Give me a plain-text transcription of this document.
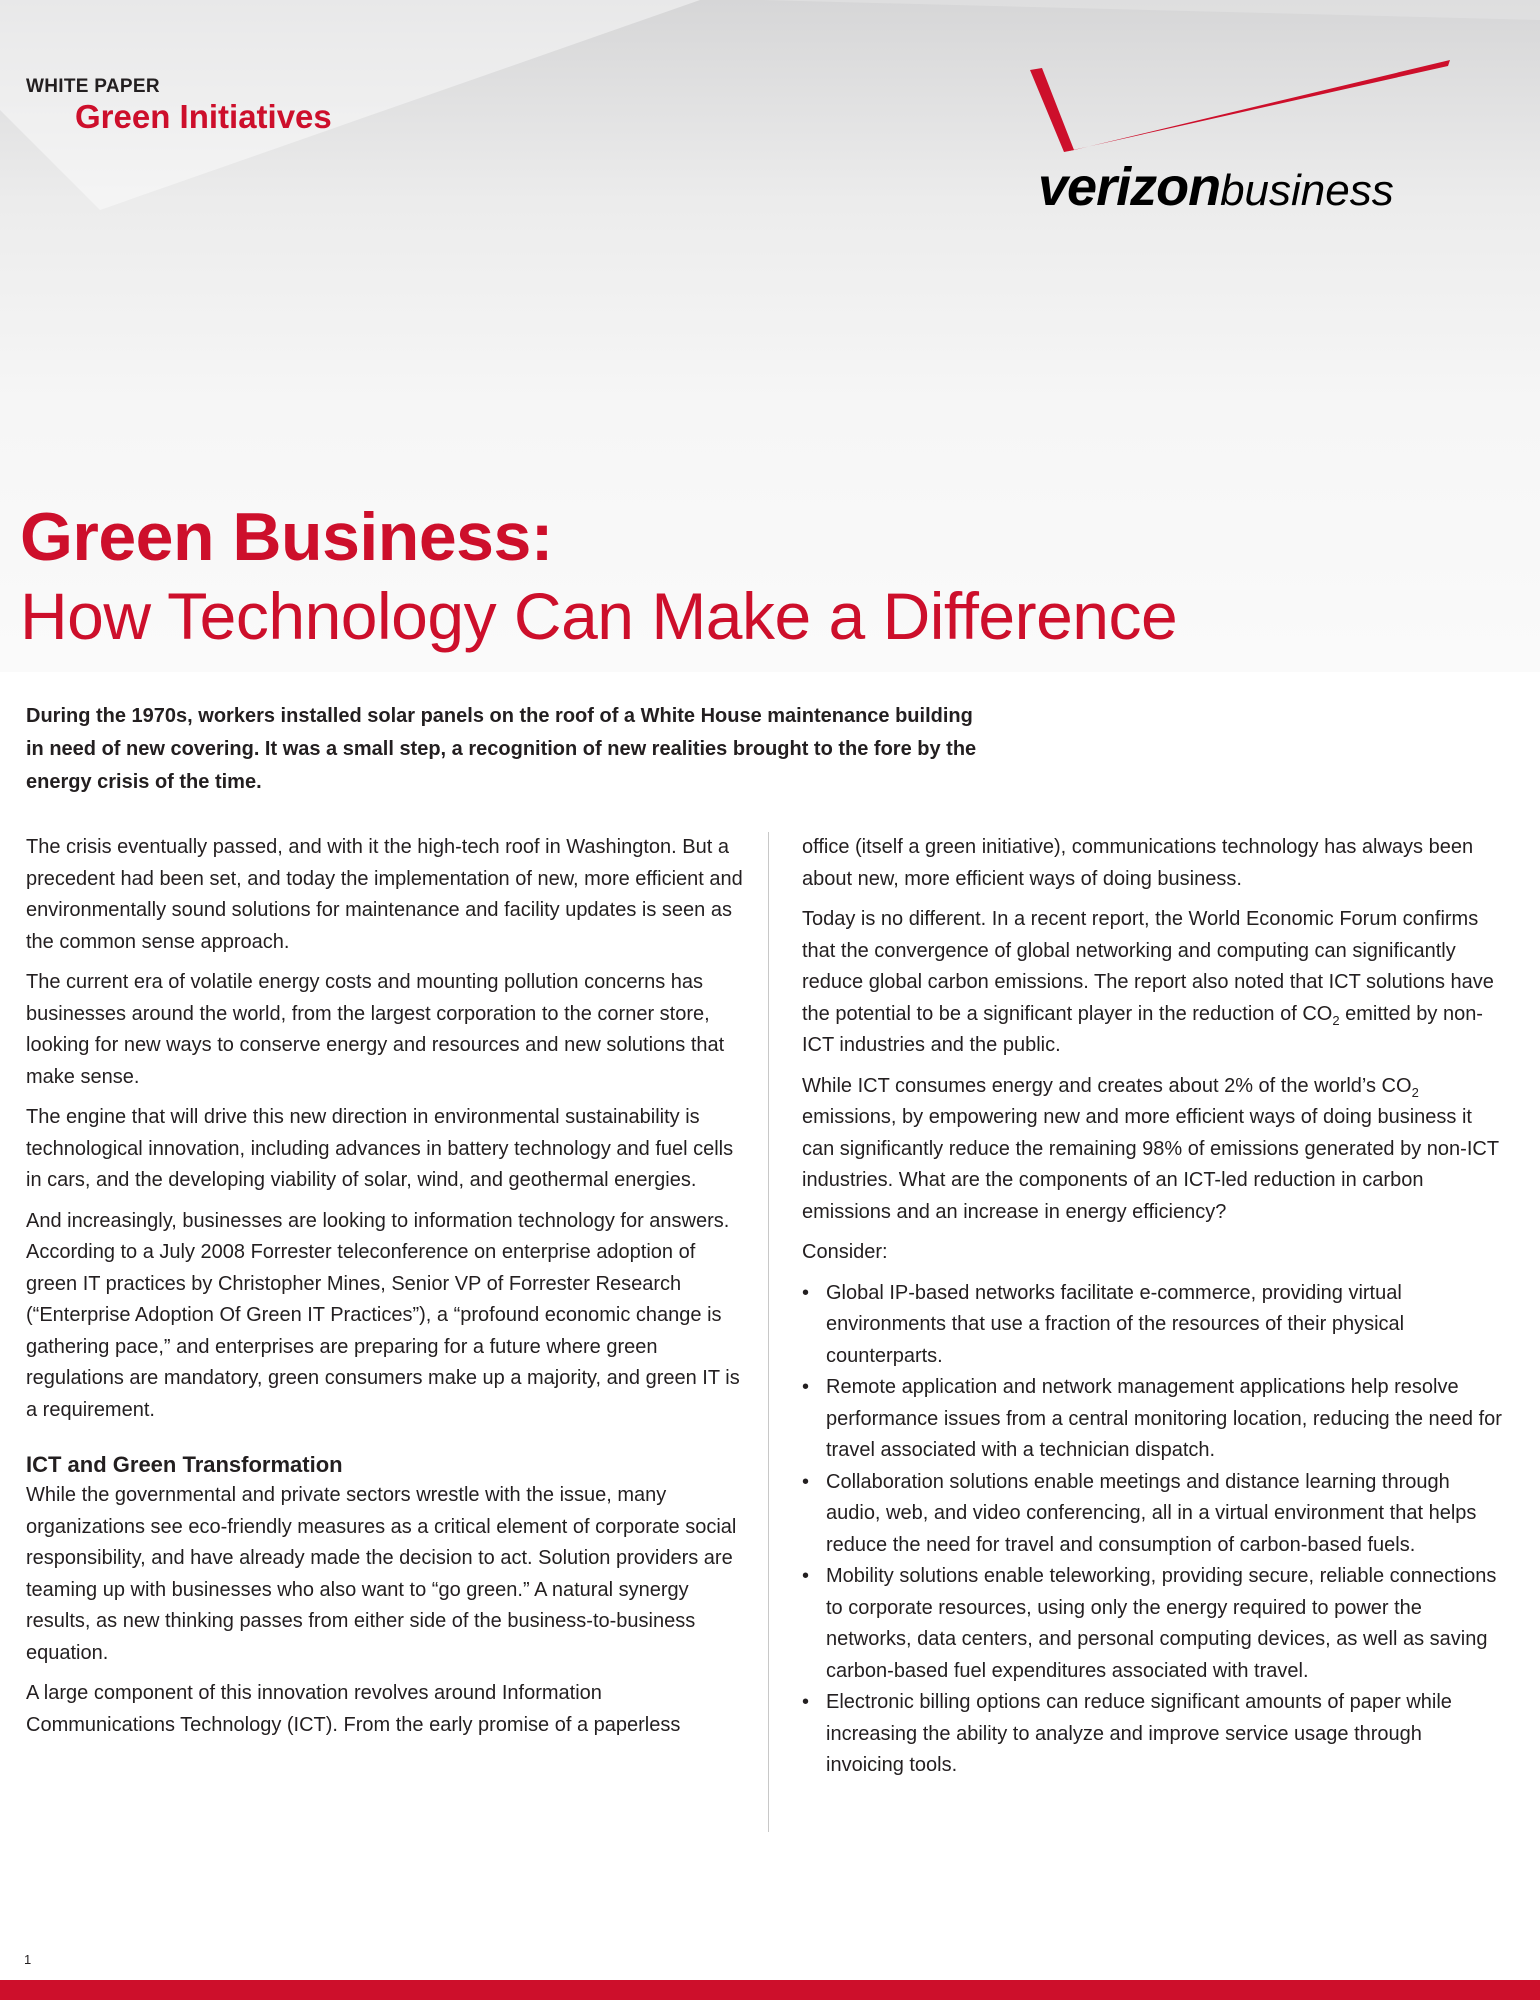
WHITE PAPER
Green Initiatives
verizonbusiness
Green Business:
How Technology Can Make a Difference
During the 1970s, workers installed solar panels on the roof of a White House maintenance building in need of new covering. It was a small step, a recognition of new realities brought to the fore by the energy crisis of the time.

The crisis eventually passed, and with it the high-tech roof in Washington. But a precedent had been set, and today the implementation of new, more efficient and environmentally sound solutions for maintenance and facility updates is seen as the common sense approach.

The current era of volatile energy costs and mounting pollution concerns has businesses around the world, from the largest corporation to the corner store, looking for new ways to conserve energy and resources and new solutions that make sense.

The engine that will drive this new direction in environmental sustainability is technological innovation, including advances in battery technology and fuel cells in cars, and the developing viability of solar, wind, and geothermal energies.

And increasingly, businesses are looking to information technology for answers. According to a July 2008 Forrester teleconference on enterprise adoption of green IT practices by Christopher Mines, Senior VP of Forrester Research (“Enterprise Adoption Of Green IT Practices”), a “profound economic change is gathering pace,” and enterprises are preparing for a future where green regulations are mandatory, green consumers make up a majority, and green IT is a requirement.

ICT and Green Transformation

While the governmental and private sectors wrestle with the issue, many organizations see eco-friendly measures as a critical element of corporate social responsibility, and have already made the decision to act. Solution providers are teaming up with businesses who also want to “go green.” A natural synergy results, as new thinking passes from either side of the business-to-business equation.

A large component of this innovation revolves around Information Communications Technology (ICT). From the early promise of a paperless

office (itself a green initiative), communications technology has always been about new, more efficient ways of doing business.

Today is no different. In a recent report, the World Economic Forum confirms that the convergence of global networking and computing can significantly reduce global carbon emissions. The report also noted that ICT solutions have the potential to be a significant player in the reduction of $CO_2$ emitted by non-ICT industries and the public.

While ICT consumes energy and creates about 2% of the world’s $CO_2$ emissions, by empowering new and more efficient ways of doing business it can significantly reduce the remaining 98% of emissions generated by non-ICT industries. What are the components of an ICT-led reduction in carbon emissions and an increase in energy efficiency?

Consider:

• Global IP-based networks facilitate e-commerce, providing virtual environments that use a fraction of the resources of their physical counterparts.
• Remote application and network management applications help resolve performance issues from a central monitoring location, reducing the need for travel associated with a technician dispatch.
• Collaboration solutions enable meetings and distance learning through audio, web, and video conferencing, all in a virtual environment that helps reduce the need for travel and consumption of carbon-based fuels.
• Mobility solutions enable teleworking, providing secure, reliable connections to corporate resources, using only the energy required to power the networks, data centers, and personal computing devices, as well as saving carbon-based fuel expenditures associated with travel.
• Electronic billing options can reduce significant amounts of paper while increasing the ability to analyze and improve service usage through invoicing tools.
1
